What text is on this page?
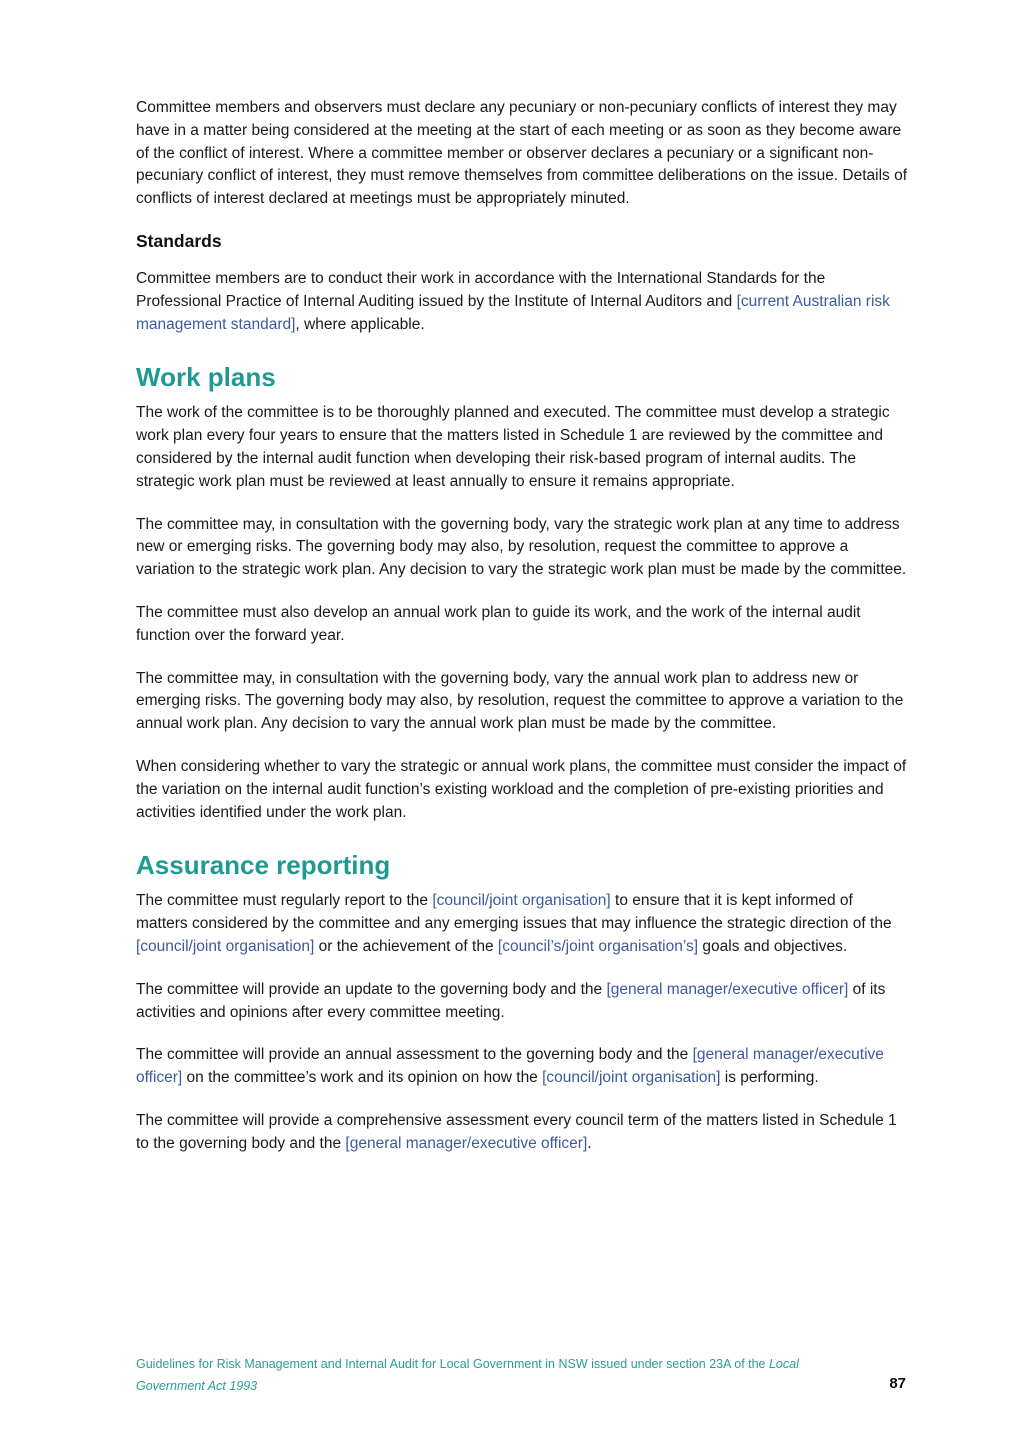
Committee members and observers must declare any pecuniary or non-pecuniary conflicts of interest they may have in a matter being considered at the meeting at the start of each meeting or as soon as they become aware of the conflict of interest. Where a committee member or observer declares a pecuniary or a significant non-pecuniary conflict of interest, they must remove themselves from committee deliberations on the issue. Details of conflicts of interest declared at meetings must be appropriately minuted.

Standards

Committee members are to conduct their work in accordance with the International Standards for the Professional Practice of Internal Auditing issued by the Institute of Internal Auditors and [current Australian risk management standard], where applicable.

Work plans

The work of the committee is to be thoroughly planned and executed. The committee must develop a strategic work plan every four years to ensure that the matters listed in Schedule 1 are reviewed by the committee and considered by the internal audit function when developing their risk-based program of internal audits. The strategic work plan must be reviewed at least annually to ensure it remains appropriate.

The committee may, in consultation with the governing body, vary the strategic work plan at any time to address new or emerging risks. The governing body may also, by resolution, request the committee to approve a variation to the strategic work plan. Any decision to vary the strategic work plan must be made by the committee.

The committee must also develop an annual work plan to guide its work, and the work of the internal audit function over the forward year.

The committee may, in consultation with the governing body, vary the annual work plan to address new or emerging risks. The governing body may also, by resolution, request the committee to approve a variation to the annual work plan. Any decision to vary the annual work plan must be made by the committee.

When considering whether to vary the strategic or annual work plans, the committee must consider the impact of the variation on the internal audit function’s existing workload and the completion of pre-existing priorities and activities identified under the work plan.

Assurance reporting

The committee must regularly report to the [council/joint organisation] to ensure that it is kept informed of matters considered by the committee and any emerging issues that may influence the strategic direction of the [council/joint organisation] or the achievement of the [council’s/joint organisation’s] goals and objectives.

The committee will provide an update to the governing body and the [general manager/executive officer] of its activities and opinions after every committee meeting.

The committee will provide an annual assessment to the governing body and the [general manager/executive officer] on the committee’s work and its opinion on how the [council/joint organisation] is performing.

The committee will provide a comprehensive assessment every council term of the matters listed in Schedule 1 to the governing body and the [general manager/executive officer].

Guidelines for Risk Management and Internal Audit for Local Government in NSW issued under section 23A of the Local Government Act 1993	87
